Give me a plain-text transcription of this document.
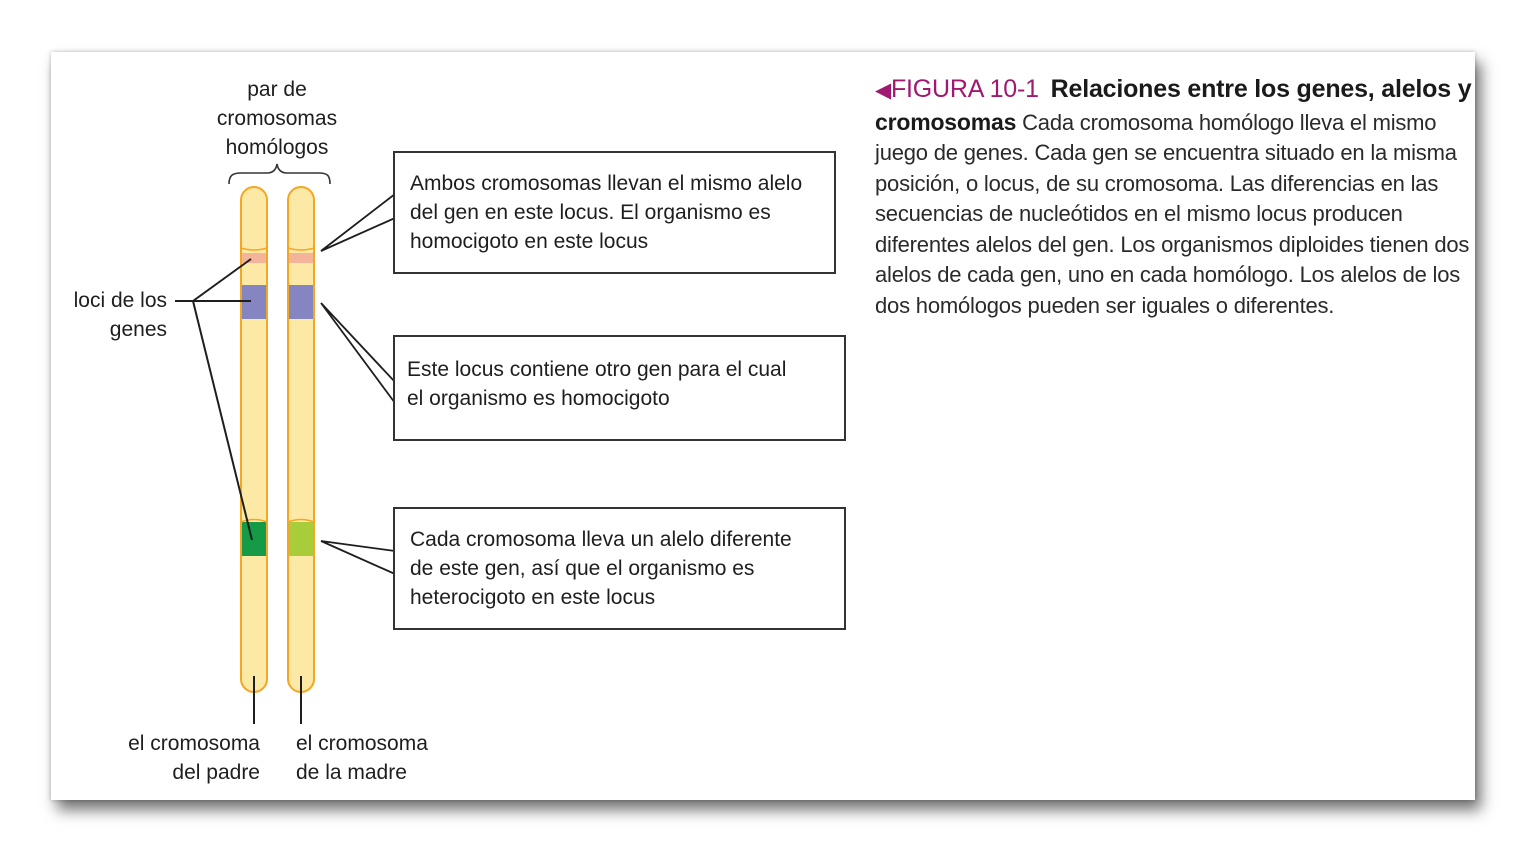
par de
cromosomas
homólogos
loci de los
genes
el cromosoma
del padre
el cromosoma
de la madre
Ambos cromosomas llevan el mismo alelo
del gen en este locus. El organismo es
homocigoto en este locus
Este locus contiene otro gen para el cual
el organismo es homocigoto
Cada cromosoma lleva un alelo diferente
de este gen, así que el organismo es
heterocigoto en este locus
◀FIGURA 10-1 Relaciones entre los genes, alelos y cromosomas Cada cromosoma homólogo lleva el mismo juego de genes. Cada gen se encuentra situado en la misma posición, o locus, de su cromosoma. Las diferencias en las secuencias de nucleótidos en el mismo locus producen diferentes alelos del gen. Los organismos diploides tienen dos alelos de cada gen, uno en cada homólogo. Los alelos de los dos homólogos pueden ser iguales o diferentes.
